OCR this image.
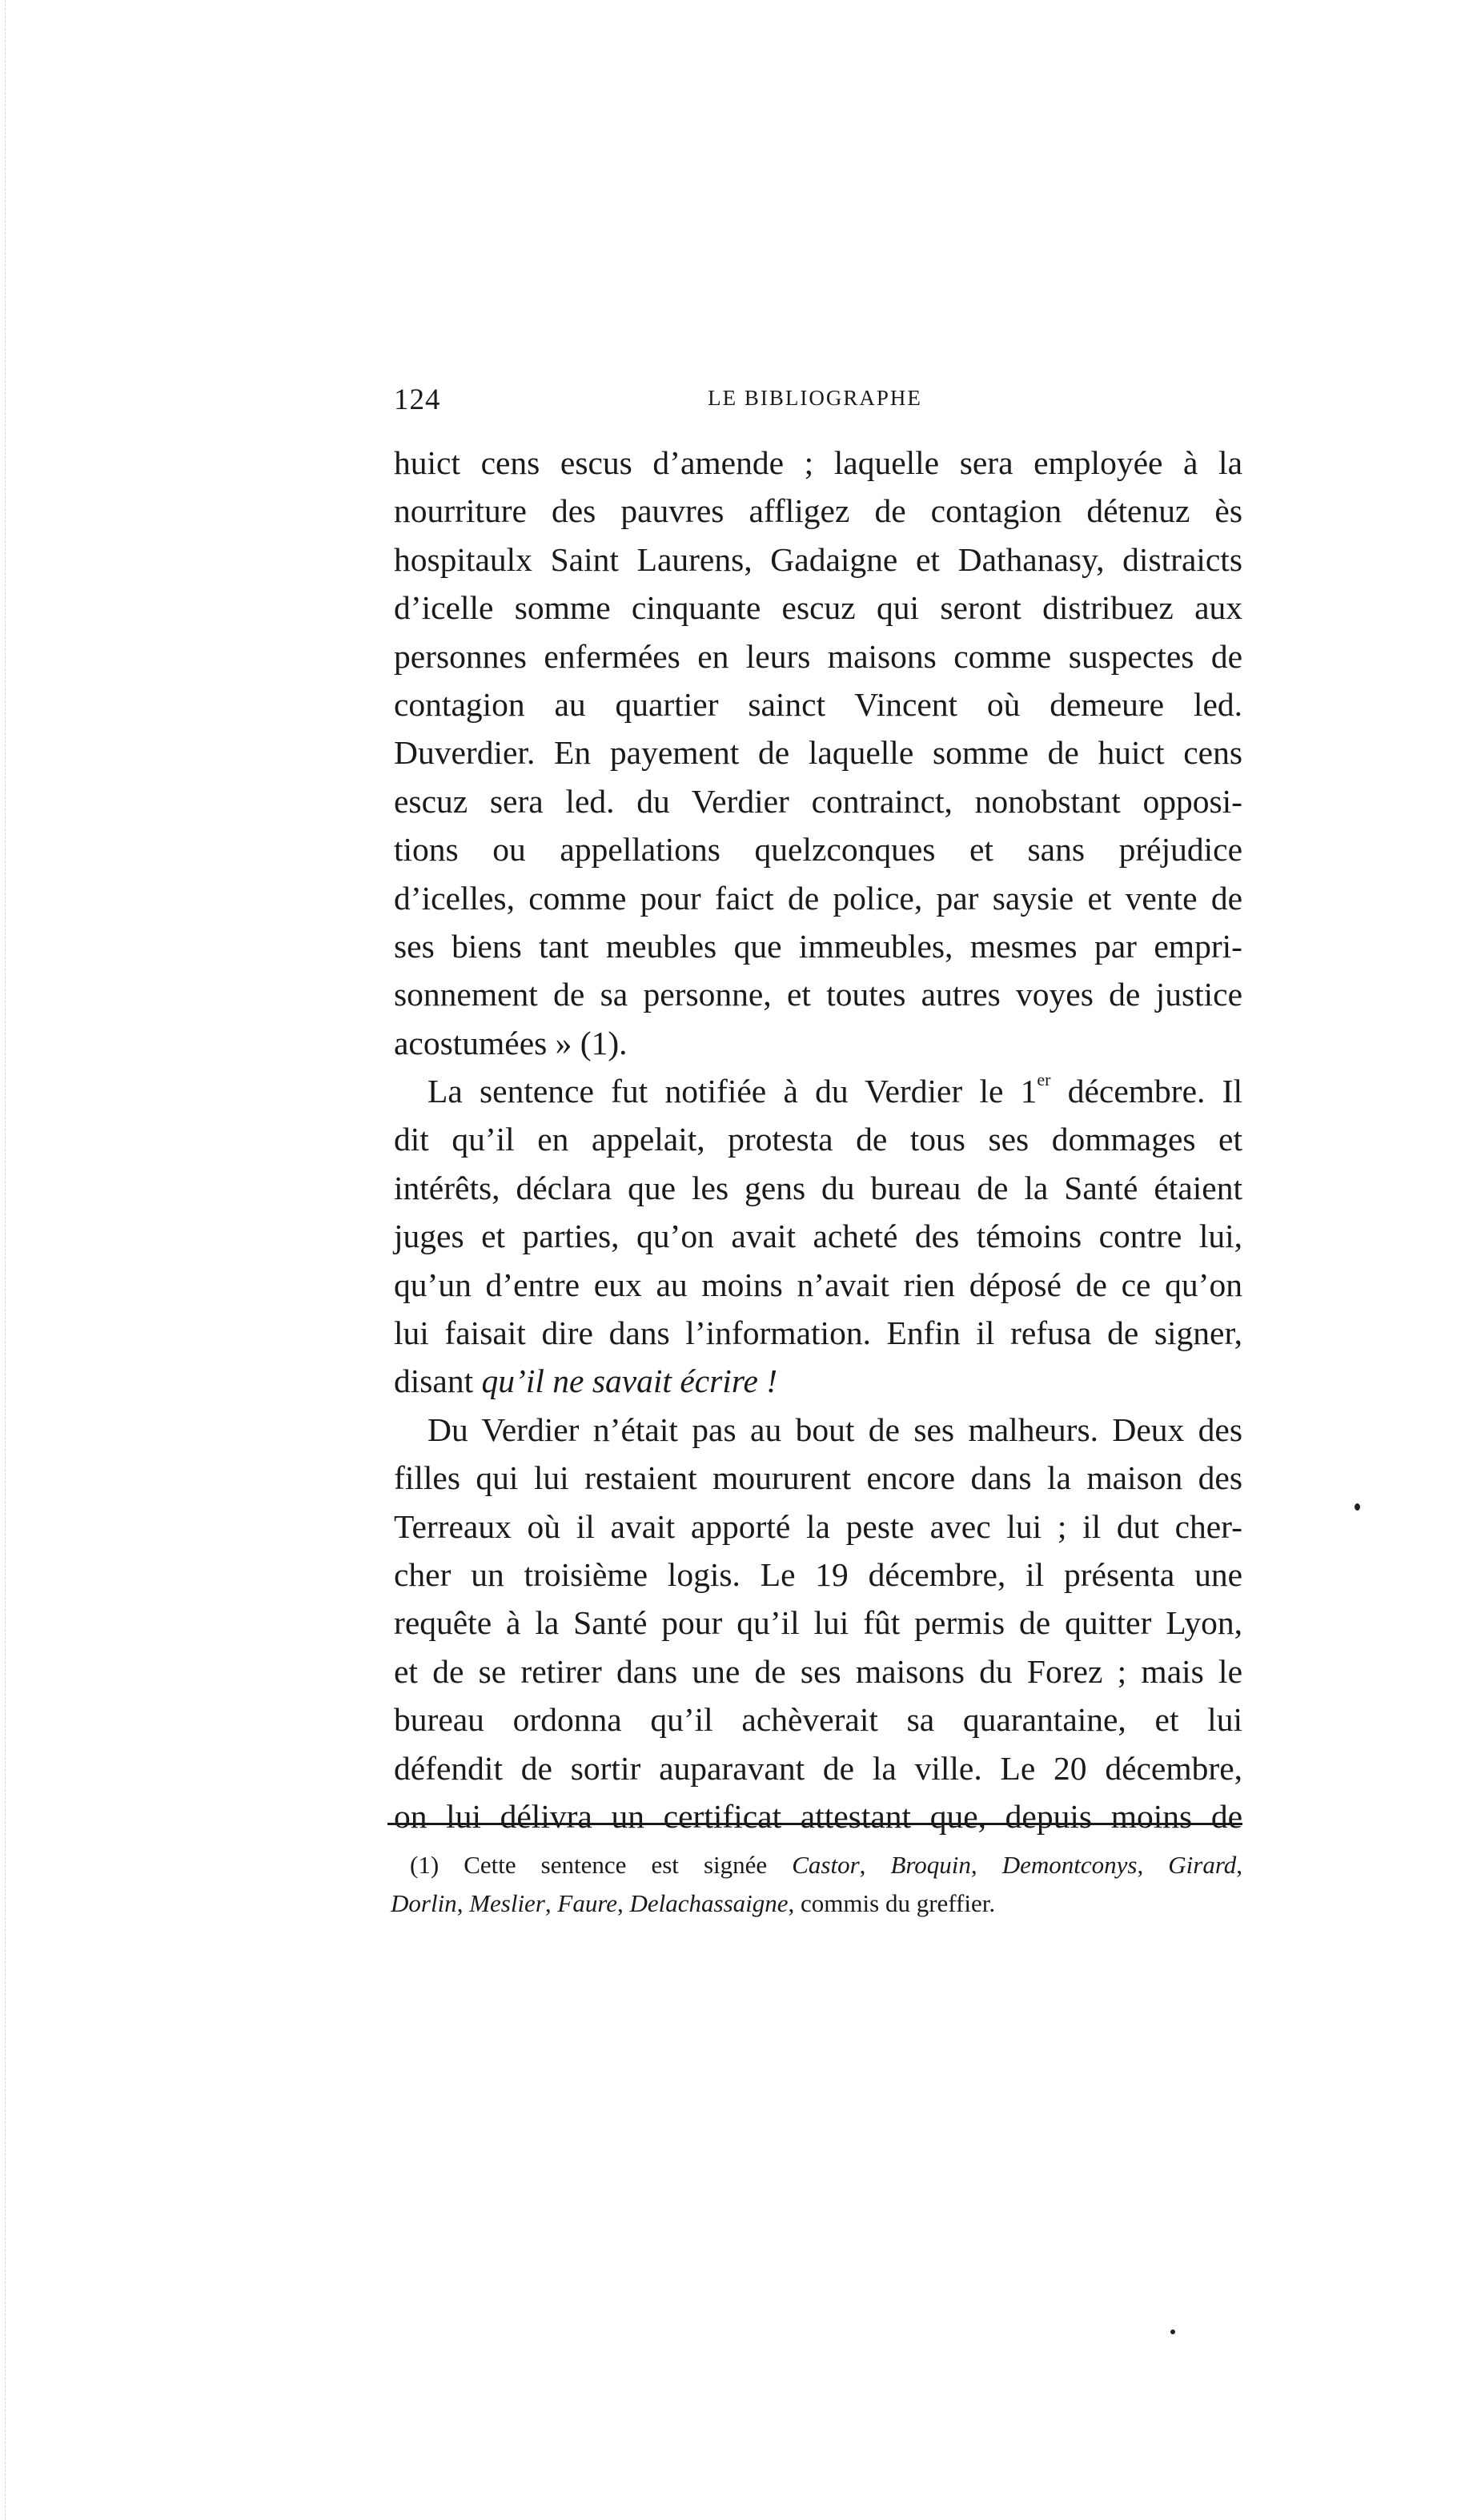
124	LE BIBLIOGRAPHE
huict cens escus d’amende ; laquelle sera employée à la
nourriture des pauvres affligez de contagion détenuz ès
hospitaulx Saint Laurens, Gadaigne et Dathanasy, distraicts
d’icelle somme cinquante escuz qui seront distribuez aux
personnes enfermées en leurs maisons comme suspectes de
contagion au quartier sainct Vincent où demeure led.
Duverdier. En payement de laquelle somme de huict cens
escuz sera led. du Verdier contrainct, nonobstant opposi-
tions ou appellations quelzconques et sans préjudice
d’icelles, comme pour faict de police, par saysie et vente de
ses biens tant meubles que immeubles, mesmes par empri-
sonnement de sa personne, et toutes autres voyes de justice
acostumées » (1).
La sentence fut notifiée à du Verdier le 1er décembre. Il
dit qu’il en appelait, protesta de tous ses dommages et
intérêts, déclara que les gens du bureau de la Santé étaient
juges et parties, qu’on avait acheté des témoins contre lui,
qu’un d’entre eux au moins n’avait rien déposé de ce qu’on
lui faisait dire dans l’information. Enfin il refusa de signer,
disant qu’il ne savait écrire !
Du Verdier n’était pas au bout de ses malheurs. Deux des
filles qui lui restaient moururent encore dans la maison des
Terreaux où il avait apporté la peste avec lui ; il dut cher-
cher un troisième logis. Le 19 décembre, il présenta une
requête à la Santé pour qu’il lui fût permis de quitter Lyon,
et de se retirer dans une de ses maisons du Forez ; mais le
bureau ordonna qu’il achèverait sa quarantaine, et lui
défendit de sortir auparavant de la ville. Le 20 décembre,
on lui délivra un certificat attestant que, depuis moins de
(1) Cette sentence est signée Castor, Broquin, Demontconys, Girard,
Dorlin, Meslier, Faure, Delachassaigne, commis du greffier.
